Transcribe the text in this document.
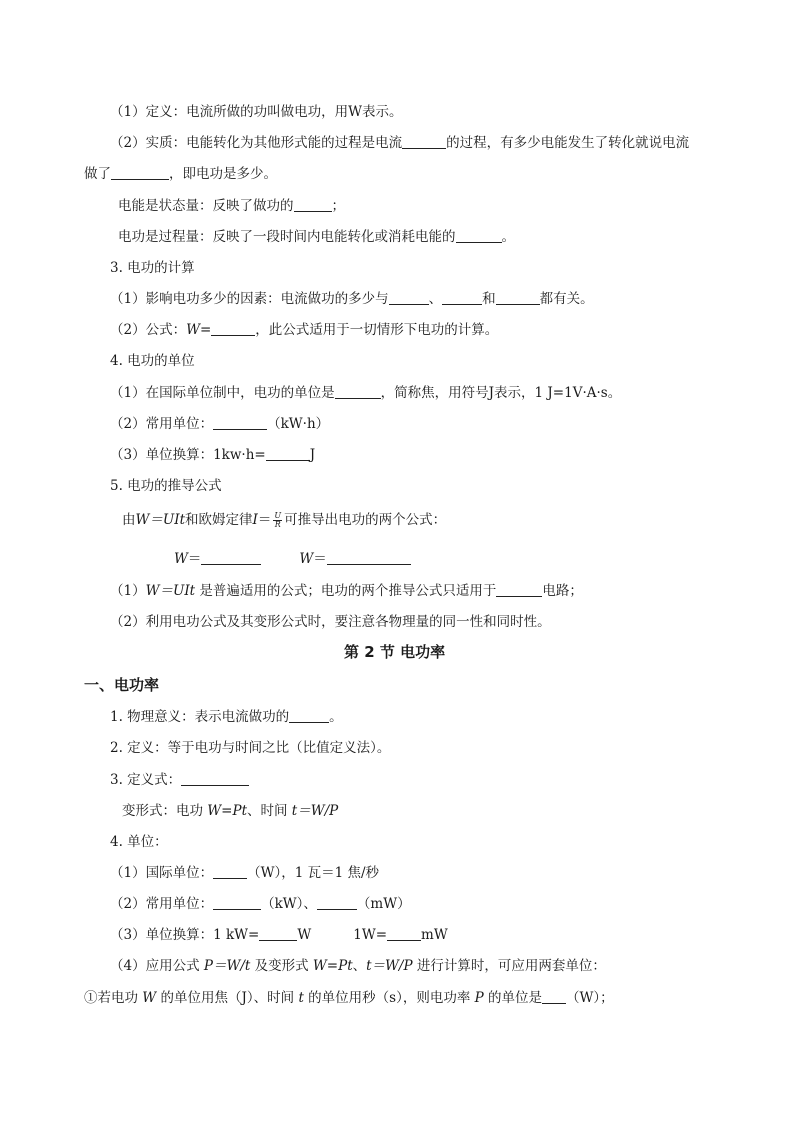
（1）定义：电流所做的功叫做电功，用W表示。
（2）实质：电能转化为其他形式能的过程是电流	的过程，有多少电能发生了转化就说电流
做了	，即电功是多少。
电能是状态量：反映了做功的	；
电功是过程量：反映了一段时间内电能转化或消耗电能的	。
3. 电功的计算
（1）影响电功多少的因素：电流做功的多少与	、	和	都有关。
（2）公式：W=	，此公式适用于一切情形下电功的计算。
4. 电功的单位
（1）在国际单位制中，电功的单位是	，简称焦，用符号J表示，1 J=1V·A·s。
（2）常用单位：	（kW·h）
（3）单位换算：1kw·h=	J
5. 电功的推导公式
由W＝UIt和欧姆定律$I= \frac{U}{R}$ 可推导出电功的两个公式：
W＝	W＝
（1）W＝UIt 是普遍适用的公式；电功的两个推导公式只适用于	电路；
（2）利用电功公式及其变形公式时，要注意各物理量的同一性和同时性。
第 2 节 电功率
一、电功率
1. 物理意义：表示电流做功的	。
2. 定义：等于电功与时间之比（比值定义法）。
3. 定义式：
变形式：电功 W=Pt、时间 t＝W/P
4. 单位：
（1）国际单位：	（W），1 瓦＝1 焦/秒
（2）常用单位：	（kW）、	（mW）
（3）单位换算：1 kW=	W	1W=	mW
（4）应用公式 P＝W/t 及变形式 W=Pt、t＝W/P 进行计算时，可应用两套单位：
①若电功 W 的单位用焦（J）、时间 t 的单位用秒（s），则电功率 P 的单位是 （W）；
